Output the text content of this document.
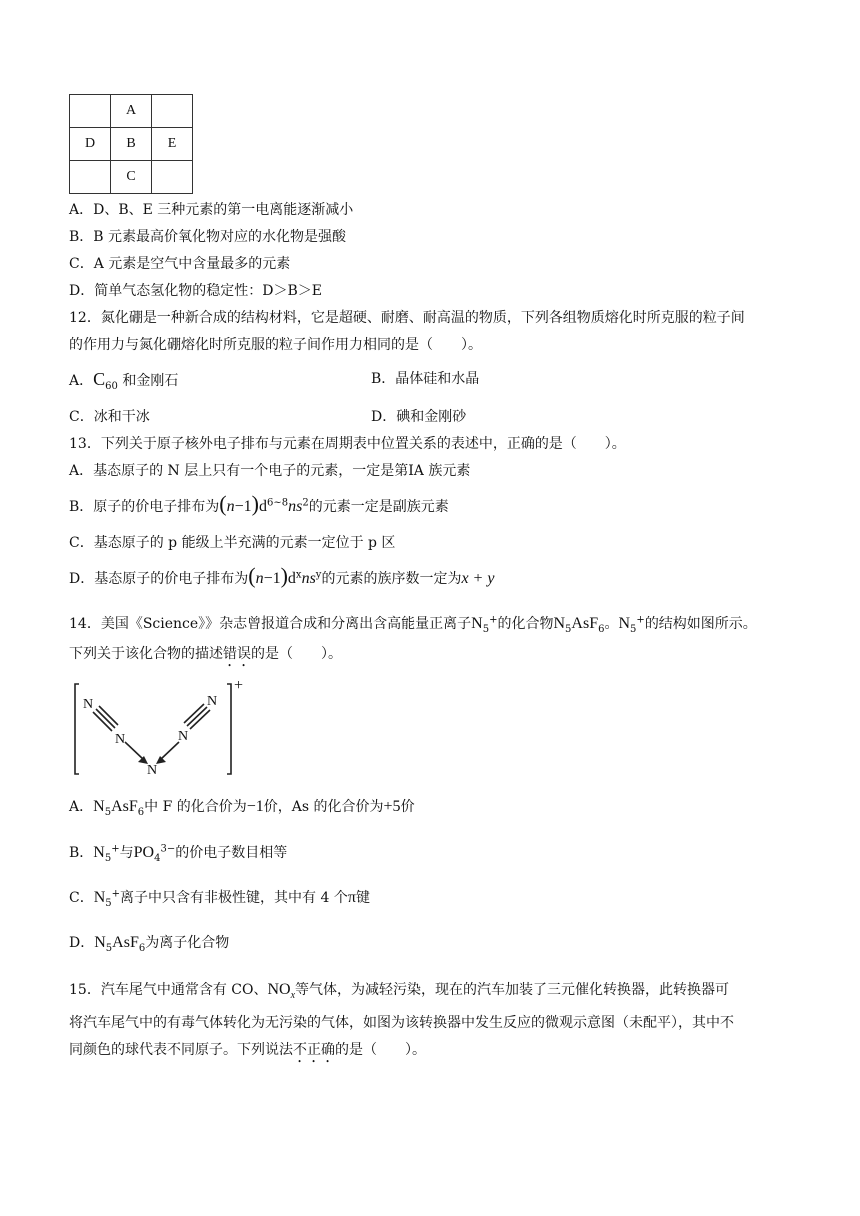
	A	
D	B	E
	C	
A．D、B、E 三种元素的第一电离能逐渐减小
B．B 元素最高价氧化物对应的水化物是强酸
C．A 元素是空气中含量最多的元素
D．简单气态氢化物的稳定性：D＞B＞E
12．氮化硼是一种新合成的结构材料，它是超硬、耐磨、耐高温的物质，下列各组物质熔化时所克服的粒子间
的作用力与氮化硼熔化时所克服的粒子间作用力相同的是（　　）。
A．$C_{60}$ 和金刚石	B．晶体硅和水晶
C．冰和干冰	D．碘和金刚砂
13．下列关于原子核外电子排布与元素在周期表中位置关系的表述中，正确的是（　　）。
A．基态原子的 N 层上只有一个电子的元素，一定是第ⅠA 族元素
B．原子的价电子排布为$(n-1)d^{6\sim 8}ns^2$的元素一定是副族元素
C．基态原子的 p 能级上半充满的元素一定位于 p 区
D．基态原子的价电子排布为$(n-1)d^xns^y$的元素的族序数一定为x + y
14．美国《Science》》杂志曾报道合成和分离出含高能量正离子$N_5^+$的化合物$N_5AsF_6$。$N_5^+$的结构如图所示。
下列关于该化合物的描述错误的是（　　）。
N
N
N
N
N
+
A．$N_5AsF_6$中 F 的化合价为−1价，As 的化合价为+5价
B．$N_5^+$与$PO_4^{3-}$的价电子数目相等
C．$N_5^+$离子中只含有非极性键，其中有 4 个π键
D．$N_5AsF_6$为离子化合物
15．汽车尾气中通常含有 CO、$NO_x$等气体，为减轻污染，现在的汽车加装了三元催化转换器，此转换器可
将汽车尾气中的有毒气体转化为无污染的气体，如图为该转换器中发生反应的微观示意图（未配平），其中不
同颜色的球代表不同原子。下列说法不正确的是（　　）。
